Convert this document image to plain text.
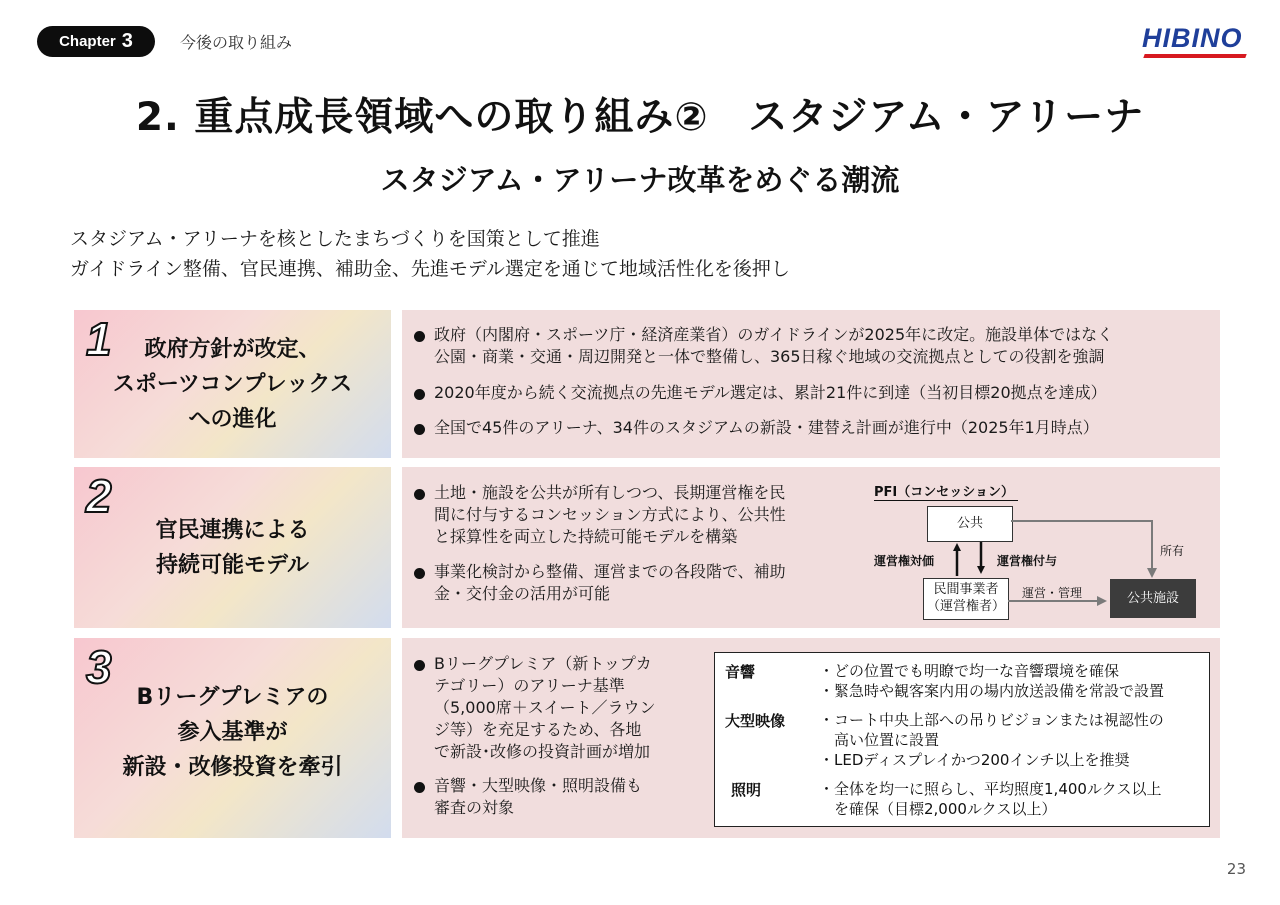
Chapter 3	今後の取り組み	HIBINO
2. 重点成長領域への取り組み②　スタジアム・アリーナ
スタジアム・アリーナ改革をめぐる潮流
スタジアム・アリーナを核としたまちづくりを国策として推進
ガイドライン整備、官民連携、補助金、先進モデル選定を通じて地域活性化を後押し
1	政府方針が改定、
スポーツコンプレックス
への進化
政府（内閣府・スポーツ庁・経済産業省）のガイドラインが2025年に改定。施設単体ではなく
公園・商業・交通・周辺開発と一体で整備し、365日稼ぐ地域の交流拠点としての役割を強調
2020年度から続く交流拠点の先進モデル選定は、累計21件に到達（当初目標20拠点を達成）
全国で45件のアリーナ、34件のスタジアムの新設・建替え計画が進行中（2025年1月時点）
2
官民連携による
持続可能モデル
土地・施設を公共が所有しつつ、長期運営権を民
間に付与するコンセッション方式により、公共性
と採算性を両立した持続可能モデルを構築
事業化検討から整備、運営までの各段階で、補助
金・交付金の活用が可能
PFI（コンセッション）
公共
民間事業者
（運営権者）
公共施設
運営権対価	運営権付与
所有
運営・管理
3
Bリーグプレミアの
参入基準が
新設・改修投資を牽引
Bリーグプレミア（新トップカ
テゴリー）のアリーナ基準
（5,000席＋スイート／ラウン
ジ等）を充足するため、各地
で新設･改修の投資計画が増加
音響・大型映像・照明設備も
審査の対象
音響	・どの位置でも明瞭で均一な音響環境を確保
・緊急時や観客案内用の場内放送設備を常設で設置
大型映像 ・コート中央上部への吊りビジョンまたは視認性の
　高い位置に設置
・LEDディスプレイかつ200インチ以上を推奨
照明	・全体を均一に照らし、平均照度1,400ルクス以上
　を確保（目標2,000ルクス以上）
23
